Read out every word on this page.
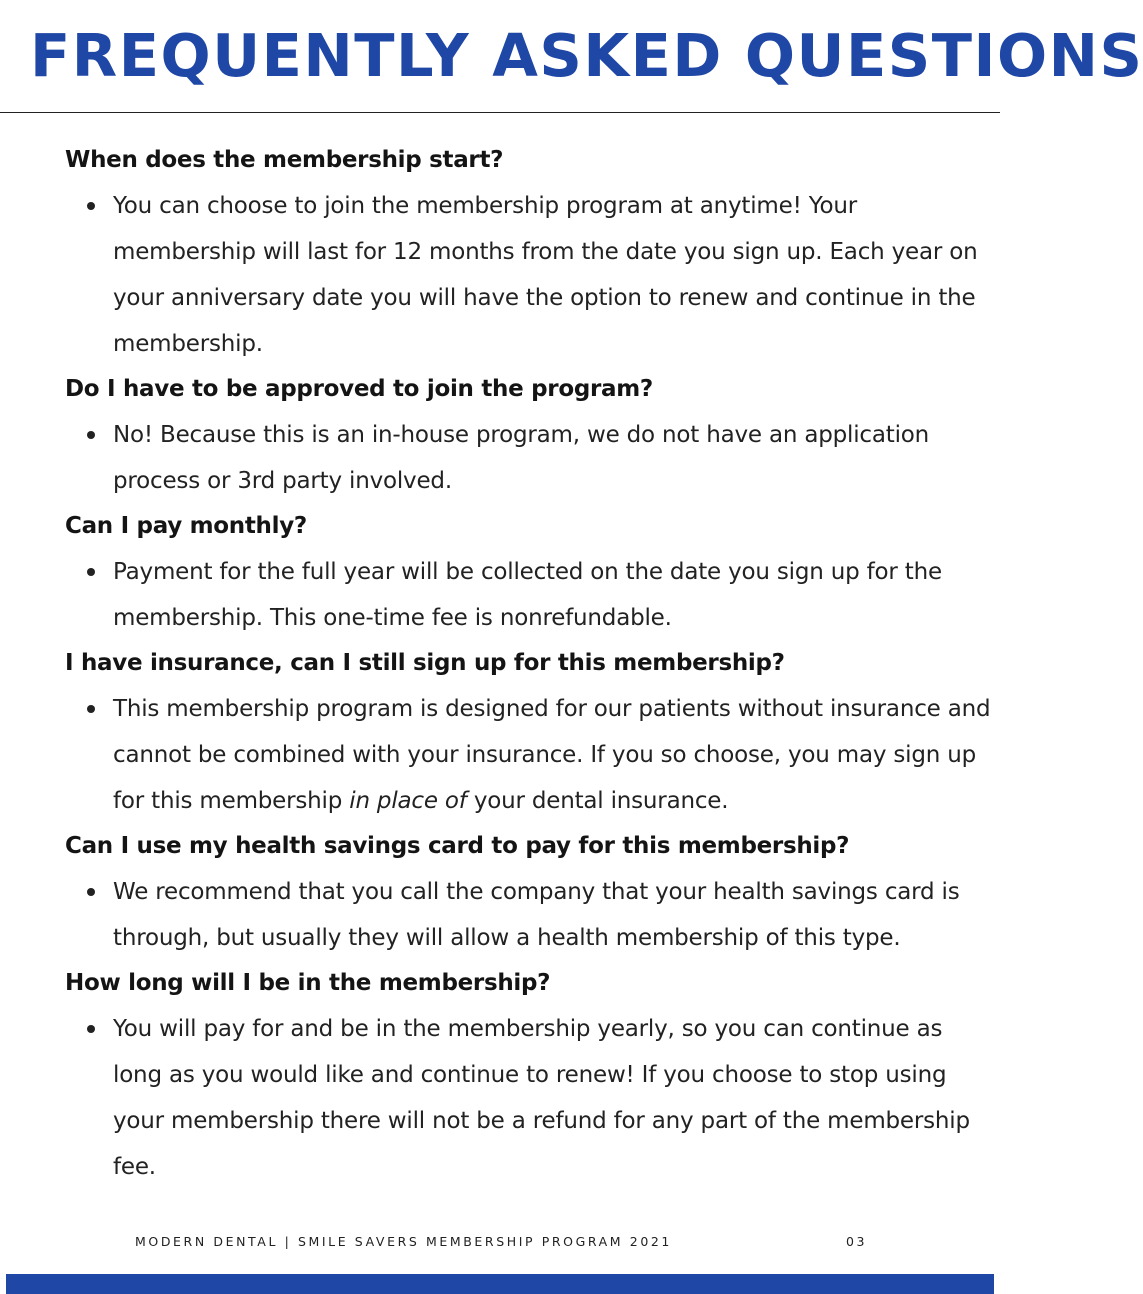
FREQUENTLY ASKED QUESTIONS

When does the membership start?

You can choose to join the membership program at anytime! Your membership will last for 12 months from the date you sign up. Each year on your anniversary date you will have the option to renew and continue in the membership.

Do I have to be approved to join the program?

No! Because this is an in-house program, we do not have an application process or 3rd party involved.

Can I pay monthly?

Payment for the full year will be collected on the date you sign up for the membership. This one-time fee is nonrefundable.

I have insurance, can I still sign up for this membership?

This membership program is designed for our patients without insurance and cannot be combined with your insurance. If you so choose, you may sign up for this membership in place of your dental insurance.

Can I use my health savings card to pay for this membership?

We recommend that you call the company that your health savings card is through, but usually they will allow a health membership of this type.

How long will I be in the membership?

You will pay for and be in the membership yearly, so you can continue as long as you would like and continue to renew! If you choose to stop using your membership there will not be a refund for any part of the membership fee.

MODERN DENTAL | SMILE SAVERS MEMBERSHIP PROGRAM 2021	03
